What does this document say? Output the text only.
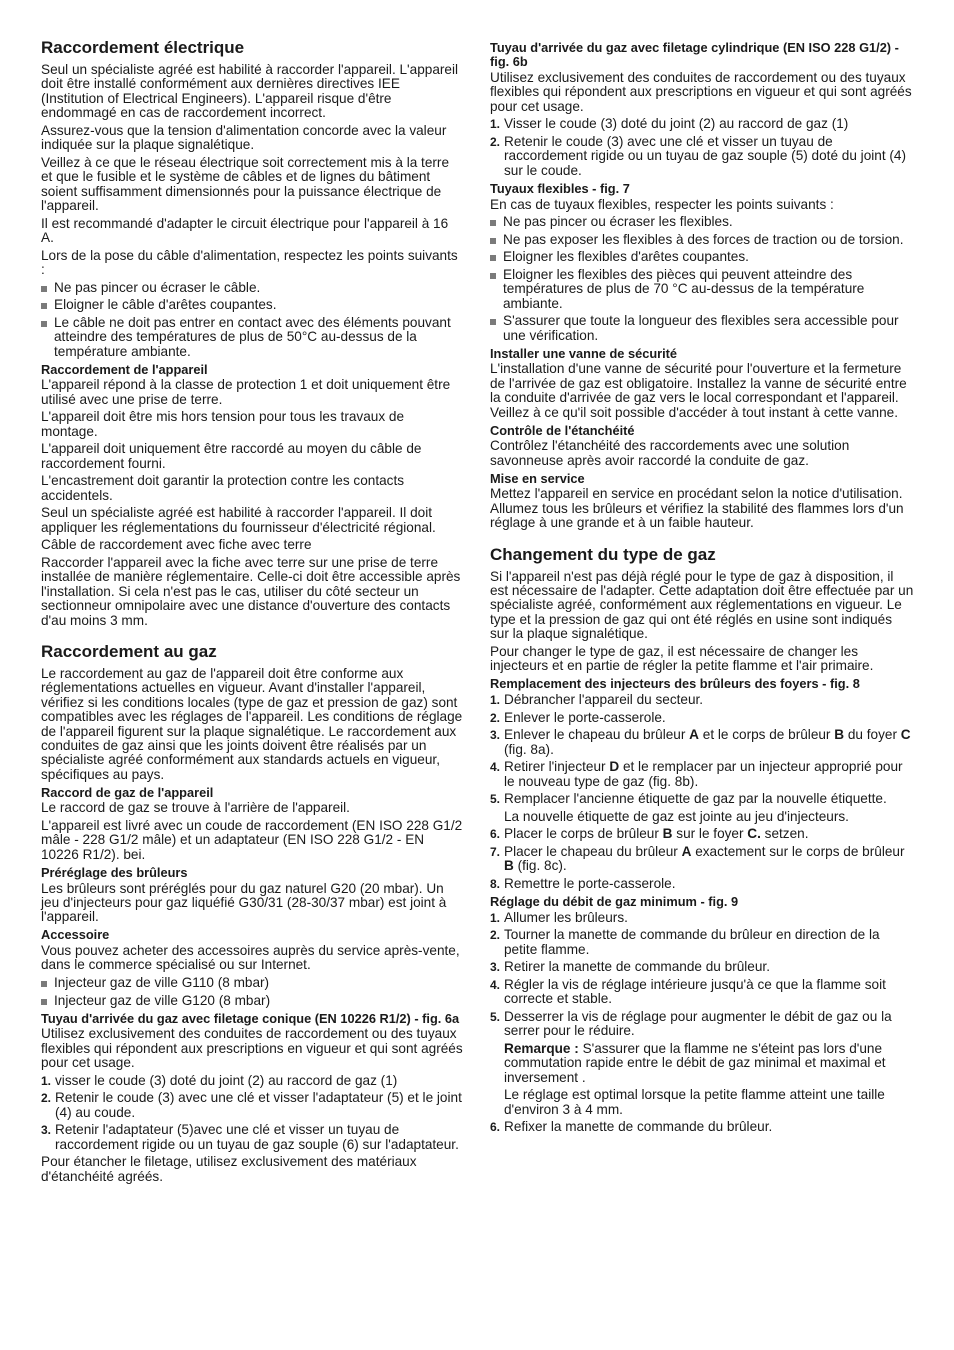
Raccordement électrique

Seul un spécialiste agréé est habilité à raccorder l'appareil. L'appareil doit être installé conformément aux dernières directives IEE (Institution of Electrical Engineers). L'appareil risque d'être endommagé en cas de raccordement incorrect.

Assurez-vous que la tension d'alimentation concorde avec la valeur indiquée sur la plaque signalétique.

Veillez à ce que le réseau électrique soit correctement mis à la terre et que le fusible et le système de câbles et de lignes du bâtiment soient suffisamment dimensionnés pour la puissance électrique de l'appareil.

Il est recommandé d'adapter le circuit électrique pour l'appareil à 16 A.

Lors de la pose du câble d'alimentation, respectez les points suivants :

Ne pas pincer ou écraser le câble.
Eloigner le câble d'arêtes coupantes.
Le câble ne doit pas entrer en contact avec des éléments pouvant atteindre des températures de plus de 50°C au-dessus de la température ambiante.
Raccordement de l'appareil

L'appareil répond à la classe de protection 1 et doit uniquement être utilisé avec une prise de terre.

L'appareil doit être mis hors tension pour tous les travaux de montage.

L'appareil doit uniquement être raccordé au moyen du câble de raccordement fourni.

L'encastrement doit garantir la protection contre les contacts accidentels.

Seul un spécialiste agréé est habilité à raccorder l'appareil. Il doit appliquer les réglementations du fournisseur d'électricité régional.

Câble de raccordement avec fiche avec terre

Raccorder l'appareil avec la fiche avec terre sur une prise de terre installée de manière réglementaire. Celle-ci doit être accessible après l'installation. Si cela n'est pas le cas, utiliser du côté secteur un sectionneur omnipolaire avec une distance d'ouverture des contacts d'au moins 3 mm.

Raccordement au gaz

Le raccordement au gaz de l'appareil doit être conforme aux réglementations actuelles en vigueur. Avant d'installer l'appareil, vérifiez si les conditions locales (type de gaz et pression de gaz) sont compatibles avec les réglages de l'appareil. Les conditions de réglage de l'appareil figurent sur la plaque signalétique. Le raccordement aux conduites de gaz ainsi que les joints doivent être réalisés par un spécialiste agréé conformément aux standards actuels en vigueur, spécifiques au pays.

Raccord de gaz de l'appareil

Le raccord de gaz se trouve à l'arrière de l'appareil.

L'appareil est livré avec un coude de raccordement (EN ISO 228 G1/2 mâle - 228 G1/2 mâle) et un adaptateur (EN ISO 228 G1/2 - EN 10226 R1/2). bei.

Préréglage des brûleurs

Les brûleurs sont préréglés pour du gaz naturel G20 (20 mbar). Un jeu d'injecteurs pour gaz liquéfié G30/31 (28-30/37 mbar) est joint à l'appareil.

Accessoire

Vous pouvez acheter des accessoires auprès du service après-vente, dans le commerce spécialisé ou sur Internet.

Injecteur gaz de ville G110 (8 mbar)
Injecteur gaz de ville G120 (8 mbar)
Tuyau d'arrivée du gaz avec filetage conique (EN 10226 R1/2) - fig. 6a

Utilisez exclusivement des conduites de raccordement ou des tuyaux flexibles qui répondent aux prescriptions en vigueur et qui sont agréés pour cet usage.

1. visser le coude (3) doté du joint (2) au raccord de gaz (1)
2. Retenir le coude (3) avec une clé et visser l'adaptateur (5) et le joint (4) au coude.
3. Retenir l'adaptateur (5)avec une clé et visser un tuyau de raccordement rigide ou un tuyau de gaz souple (6) sur l'adaptateur.

Pour étancher le filetage, utilisez exclusivement des matériaux d'étanchéité agréés.

Tuyau d'arrivée du gaz avec filetage cylindrique (EN ISO 228 G1/2) - fig. 6b

Utilisez exclusivement des conduites de raccordement ou des tuyaux flexibles qui répondent aux prescriptions en vigueur et qui sont agréés pour cet usage.

1. Visser le coude (3) doté du joint (2) au raccord de gaz (1)
2. Retenir le coude (3) avec une clé et visser un tuyau de raccordement rigide ou un tuyau de gaz souple (5) doté du joint (4) sur le coude.
Tuyaux flexibles - fig. 7

En cas de tuyaux flexibles, respecter les points suivants :

Ne pas pincer ou écraser les flexibles.
Ne pas exposer les flexibles à des forces de traction ou de torsion.
Eloigner les flexibles d'arêtes coupantes.
Eloigner les flexibles des pièces qui peuvent atteindre des températures de plus de 70 °C au-dessus de la température ambiante.
S'assurer que toute la longueur des flexibles sera accessible pour une vérification.
Installer une vanne de sécurité

L'installation d'une vanne de sécurité pour l'ouverture et la fermeture de l'arrivée de gaz est obligatoire. Installez la vanne de sécurité entre la conduite d'arrivée de gaz vers le local correspondant et l'appareil. Veillez à ce qu'il soit possible d'accéder à tout instant à cette vanne.

Contrôle de l'étanchéité

Contrôlez l'étanchéité des raccordements avec une solution savonneuse après avoir raccordé la conduite de gaz.

Mise en service

Mettez l'appareil en service en procédant selon la notice d'utilisation. Allumez tous les brûleurs et vérifiez la stabilité des flammes lors d'un réglage à une grande et à un faible hauteur.

Changement du type de gaz

Si l'appareil n'est pas déjà réglé pour le type de gaz à disposition, il est nécessaire de l'adapter. Cette adaptation doit être effectuée par un spécialiste agréé, conformément aux réglementations en vigueur. Le type et la pression de gaz qui ont été réglés en usine sont indiqués sur la plaque signalétique.

Pour changer le type de gaz, il est nécessaire de changer les injecteurs et en partie de régler la petite flamme et l'air primaire.

Remplacement des injecteurs des brûleurs des foyers - fig. 8
1. Débrancher l'appareil du secteur.
2. Enlever le porte-casserole.
3. Enlever le chapeau du brûleur A et le corps de brûleur B du foyer C (fig. 8a).
4. Retirer l'injecteur D et le remplacer par un injecteur approprié pour le nouveau type de gaz (fig. 8b).
5. Remplacer l'ancienne étiquette de gaz par la nouvelle étiquette.
La nouvelle étiquette de gaz est jointe au jeu d'injecteurs.
6. Placer le corps de brûleur B sur le foyer C. setzen.
7. Placer le chapeau du brûleur A exactement sur le corps de brûleur B (fig. 8c).
8. Remettre le porte-casserole.
Réglage du débit de gaz minimum - fig. 9
1. Allumer les brûleurs.
2. Tourner la manette de commande du brûleur en direction de la petite flamme.
3. Retirer la manette de commande du brûleur.
4. Régler la vis de réglage intérieure jusqu'à ce que la flamme soit correcte et stable.
5. Desserrer la vis de réglage pour augmenter le débit de gaz ou la serrer pour le réduire.
Remarque : S'assurer que la flamme ne s'éteint pas lors d'une commutation rapide entre le débit de gaz minimal et maximal et inversement .
Le réglage est optimal lorsque la petite flamme atteint une taille d'environ 3 à 4 mm.
6. Refixer la manette de commande du brûleur.
